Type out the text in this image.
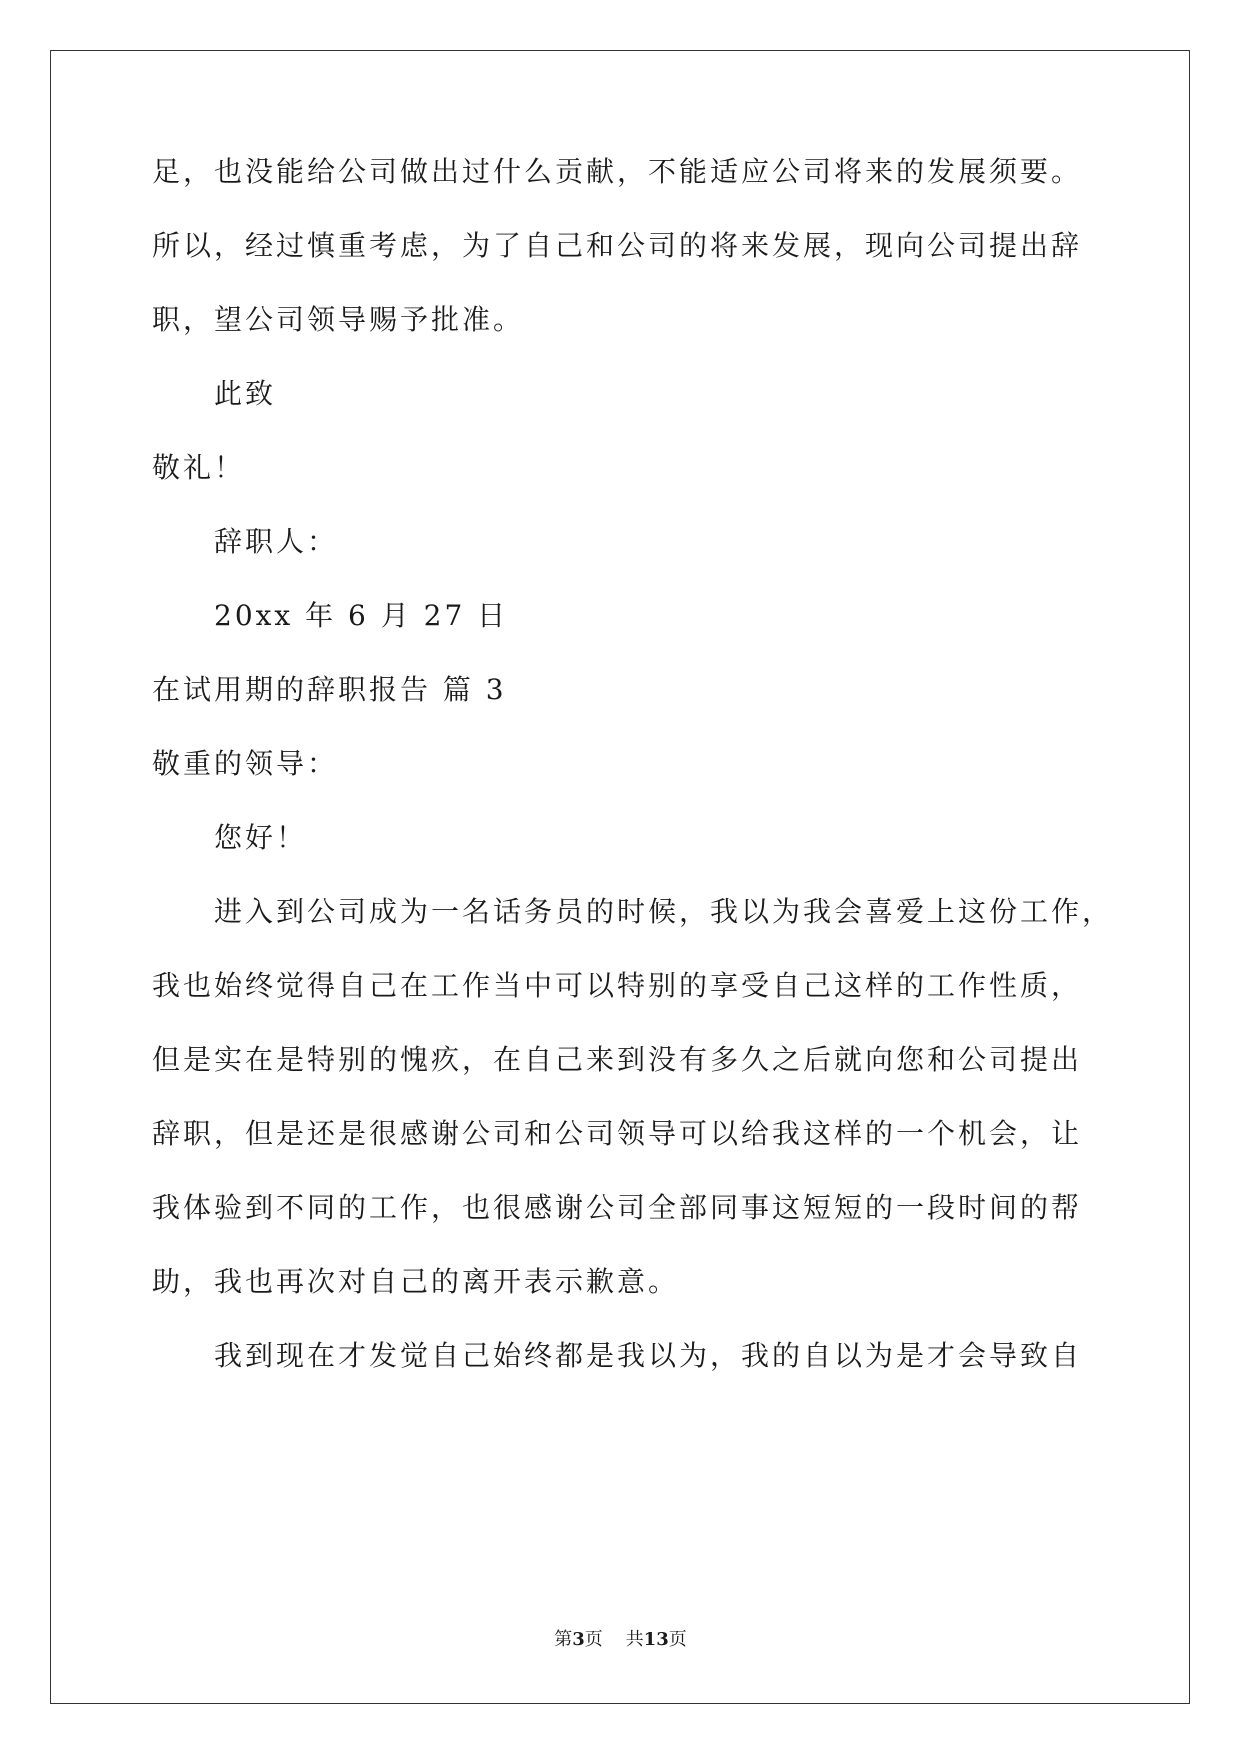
足，也没能给公司做出过什么贡献，不能适应公司将来的发展须要。
所以，经过慎重考虑，为了自己和公司的将来发展，现向公司提出辞
职，望公司领导赐予批准。
此致
敬礼！
辞职人：
20xx 年 6 月 27 日
在试用期的辞职报告 篇 3
敬重的领导：
您好！
进入到公司成为一名话务员的时候，我以为我会喜爱上这份工作，
我也始终觉得自己在工作当中可以特别的享受自己这样的工作性质，
但是实在是特别的愧疚，在自己来到没有多久之后就向您和公司提出
辞职，但是还是很感谢公司和公司领导可以给我这样的一个机会，让
我体验到不同的工作，也很感谢公司全部同事这短短的一段时间的帮
助，我也再次对自己的离开表示歉意。
我到现在才发觉自己始终都是我以为，我的自以为是才会导致自
第3页 共13页
